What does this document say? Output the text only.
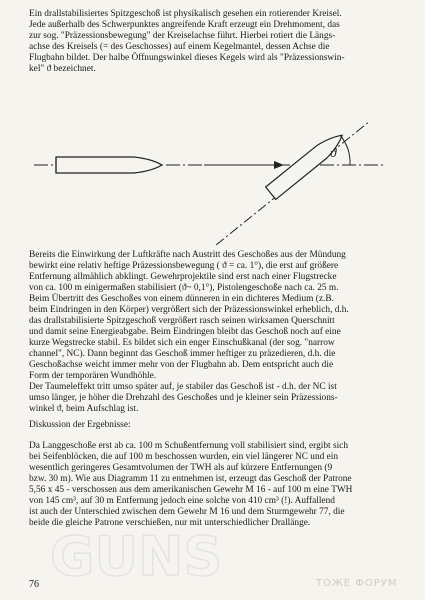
GUNS
Ein drallstabilisiertes Spitzgeschoß ist physikalisch gesehen ein rotierender Kreisel.
Jede außerhalb des Schwerpunktes angreifende Kraft erzeugt ein Drehmoment, das
zur sog. "Präzessionsbewegung" der Kreiselachse führt. Hierbei rotiert die Längs-
achse des Kreisels (= des Geschosses) auf einem Kegelmantel, dessen Achse die
Flugbahn bildet. Der halbe Öffnungswinkel dieses Kegels wird als "Präzessionswin-
kel" ϑ bezeichnet.
ϑ
Bereits die Einwirkung der Luftkräfte nach Austritt des Geschoßes aus der Mündung
bewirkt eine relativ heftige Präzessionsbewegung ( ϑ = ca. 1°), die erst auf größere
Entfernung allmählich abklingt. Gewehrprojektile sind erst nach einer Flugstrecke
von ca. 100 m einigermaßen stabilisiert (ϑ~ 0,1°), Pistolengeschoße nach ca. 25 m.
Beim Übertritt des Geschoßes von einem dünneren in ein dichteres Medium (z.B.
beim Eindringen in den Körper) vergrößert sich der Präzessionswinkel erheblich, d.h.
das drallstabilisierte Spitzgeschoß vergrößert rasch seinen wirksamen Querschnitt
und damit seine Energieabgabe. Beim Eindringen bleibt das Geschoß noch auf eine
kurze Wegstrecke stabil. Es bildet sich ein enger Einschußkanal (der sog. "narrow
channel", NC). Dann beginnt das Geschoß immer heftiger zu präzedieren, d.h. die
Geschoßachse weicht immer mehr von der Flugbahn ab. Dem entspricht auch die
Form der temporären Wundhöhle.
Der Taumeleffekt tritt umso später auf, je stabiler das Geschoß ist - d.h. der NC ist
umso länger, je höher die Drehzahl des Geschoßes und je kleiner sein Präzessions-
winkel ϑ, beim Aufschlag ist.

Diskussion der Ergebnisse:

Da Langgeschoße erst ab ca. 100 m Schußentfernung voll stabilisiert sind, ergibt sich
bei Seifenblöcken, die auf 100 m beschossen wurden, ein viel längerer NC und ein
wesentlich geringeres Gesamtvolumen der TWH als auf kürzere Entfernungen (9
bzw. 30 m). Wie aus Diagramm 11 zu entnehmen ist, erzeugt das Geschoß der Patrone
5,56 x 45 - verschossen aus dem amerikanischen Gewehr M 16 - auf 100 m eine TWH
von 145 cm³, auf 30 m Entfernung jedoch eine solche von 410 cm³ (!). Auffallend
ist auch der Unterschied zwischen dem Gewehr M 16 und dem Sturmgewehr 77, die
beide die gleiche Patrone verschießen, nur mit unterschiedlicher Drallänge.

76	ТОЖЕ ФОРУМ
